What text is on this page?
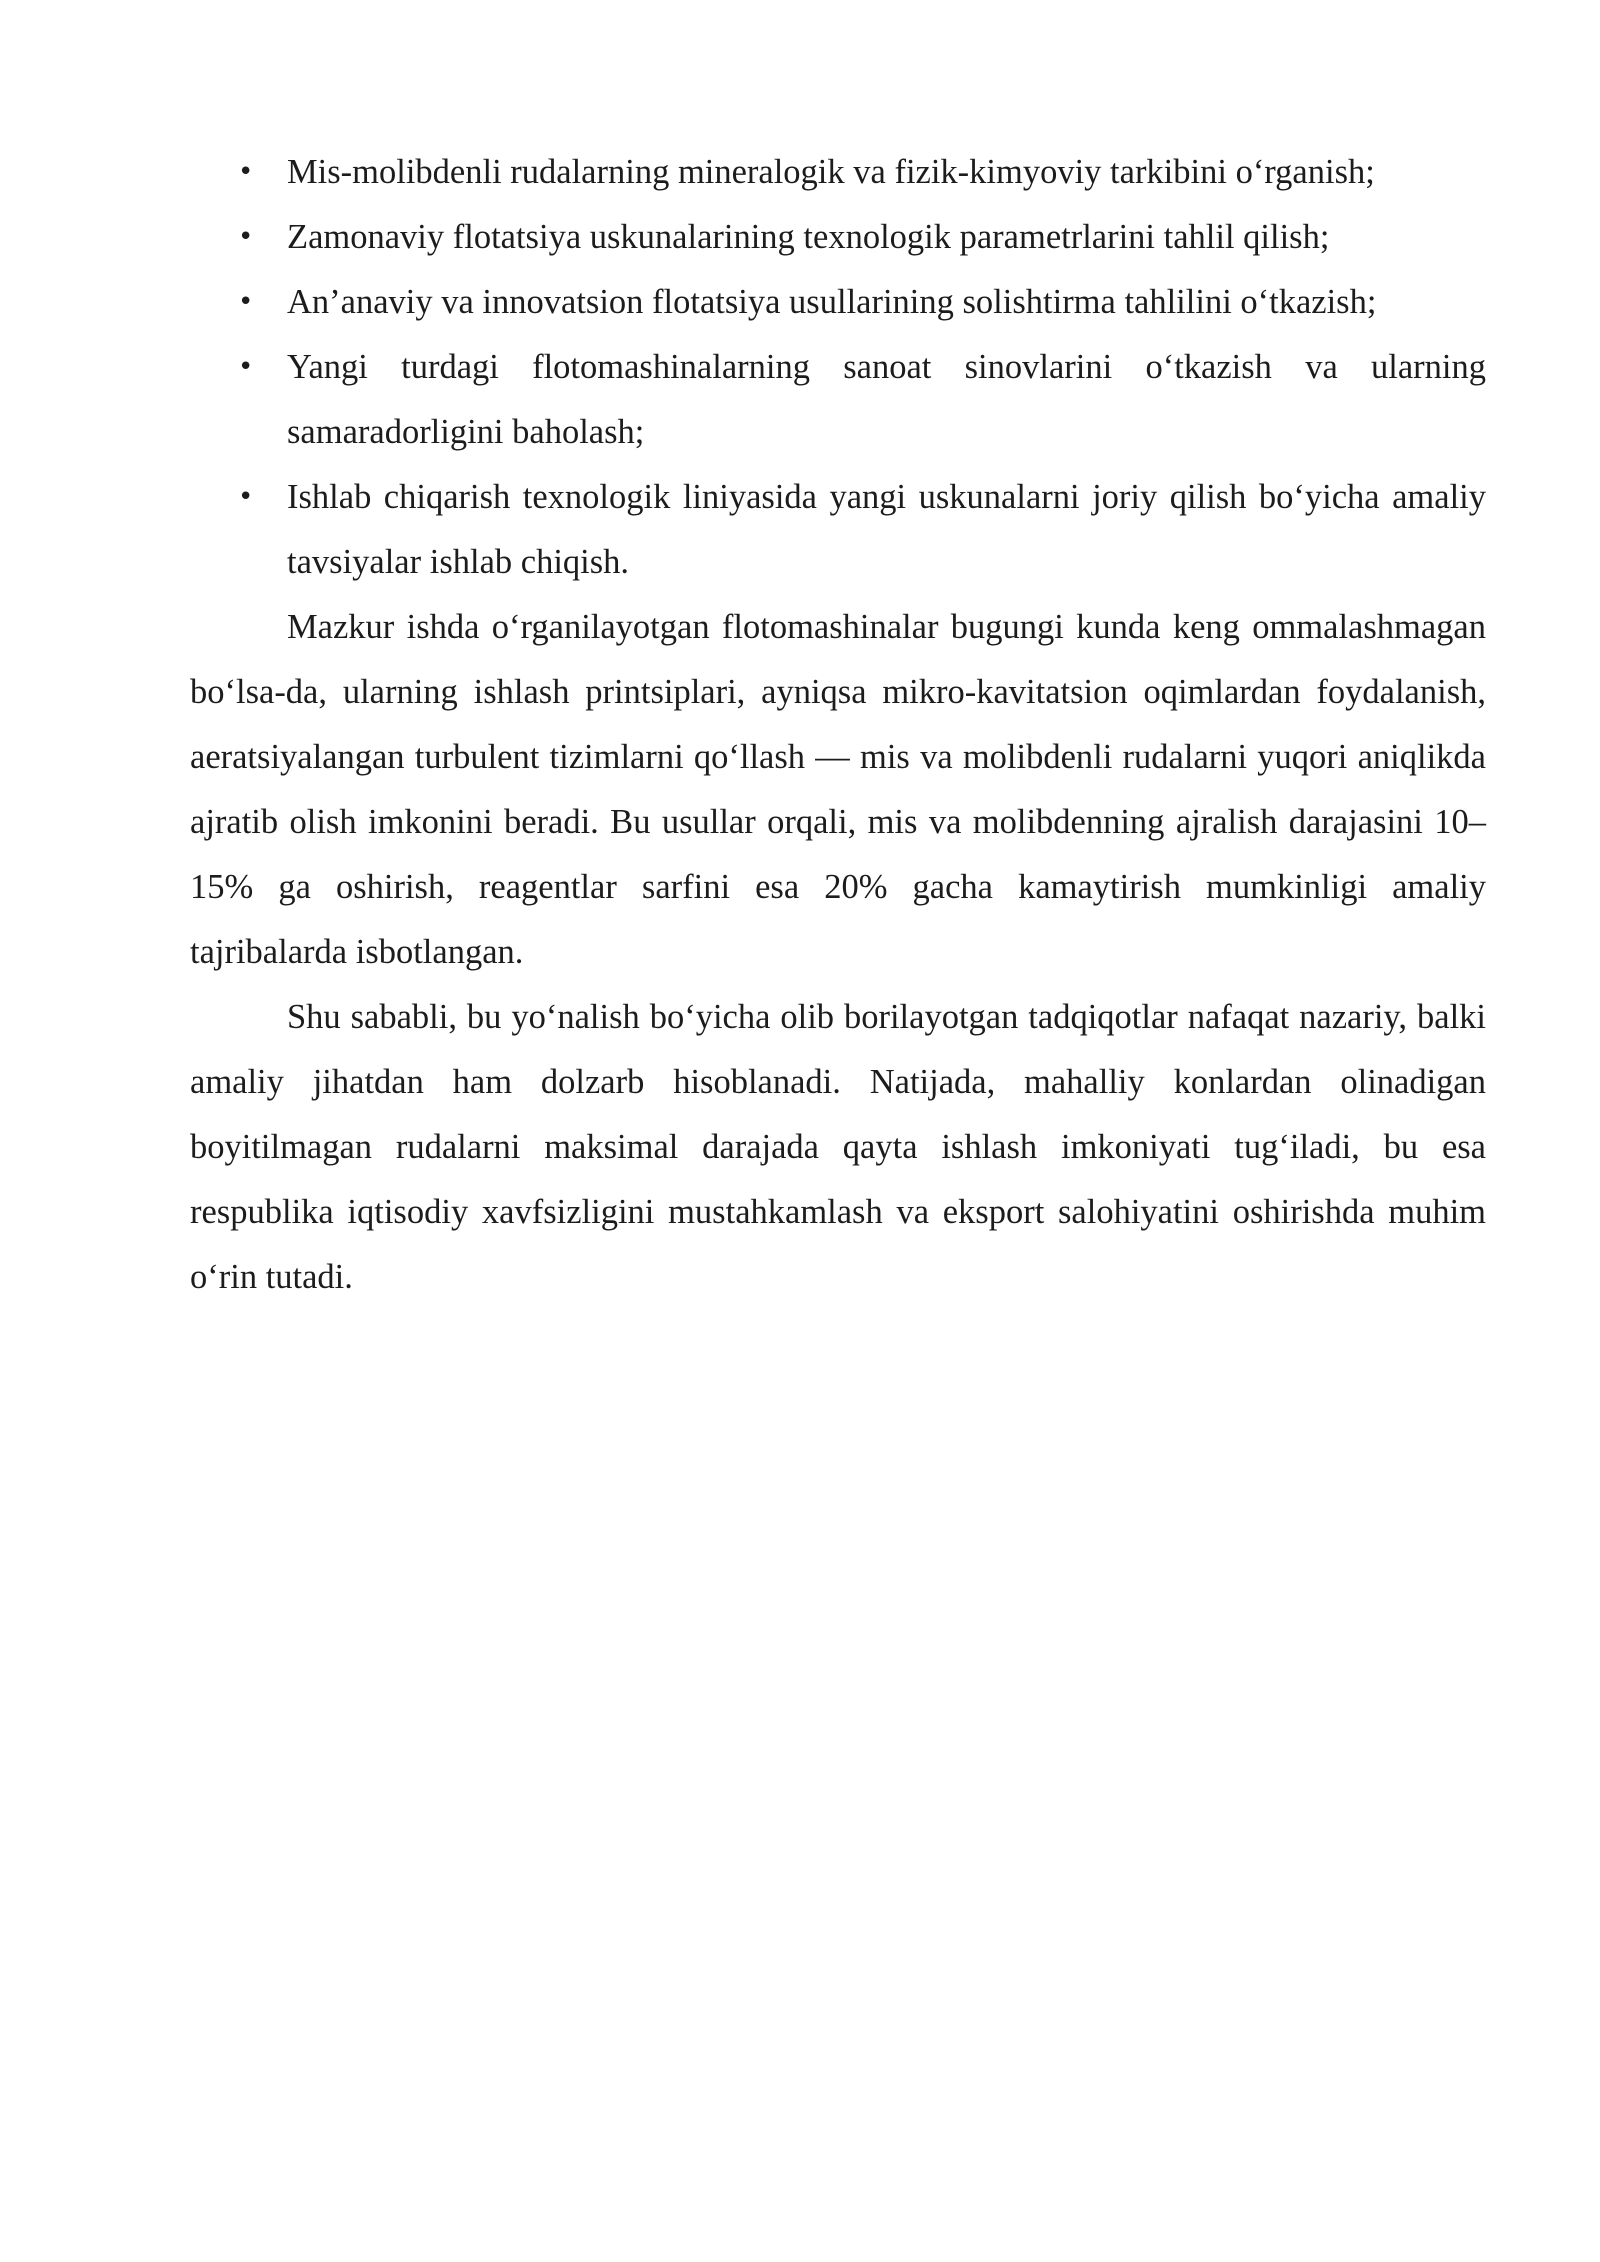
• Mis-molibdenli rudalarning mineralogik va fizik-kimyoviy tarkibini o‘rganish;
• Zamonaviy flotatsiya uskunalarining texnologik parametrlarini tahlil qilish;
• An’anaviy va innovatsion flotatsiya usullarining solishtirma tahlilini o‘tkazish;
• Yangi turdagi flotomashinalarning sanoat sinovlarini o‘tkazish va ularning samaradorligini baholash;
• Ishlab chiqarish texnologik liniyasida yangi uskunalarni joriy qilish bo‘yicha amaliy tavsiyalar ishlab chiqish.

Mazkur ishda o‘rganilayotgan flotomashinalar bugungi kunda keng ommalashmagan bo‘lsa-da, ularning ishlash printsiplari, ayniqsa mikro-kavitatsion oqimlardan foydalanish, aeratsiyalangan turbulent tizimlarni qo‘llash — mis va molibdenli rudalarni yuqori aniqlikda ajratib olish imkonini beradi. Bu usullar orqali, mis va molibdenning ajralish darajasini 10–15% ga oshirish, reagentlar sarfini esa 20% gacha kamaytirish mumkinligi amaliy tajribalarda isbotlangan.

Shu sababli, bu yo‘nalish bo‘yicha olib borilayotgan tadqiqotlar nafaqat nazariy, balki amaliy jihatdan ham dolzarb hisoblanadi. Natijada, mahalliy konlardan olinadigan boyitilmagan rudalarni maksimal darajada qayta ishlash imkoniyati tug‘iladi, bu esa respublika iqtisodiy xavfsizligini mustahkamlash va eksport salohiyatini oshirishda muhim o‘rin tutadi.
